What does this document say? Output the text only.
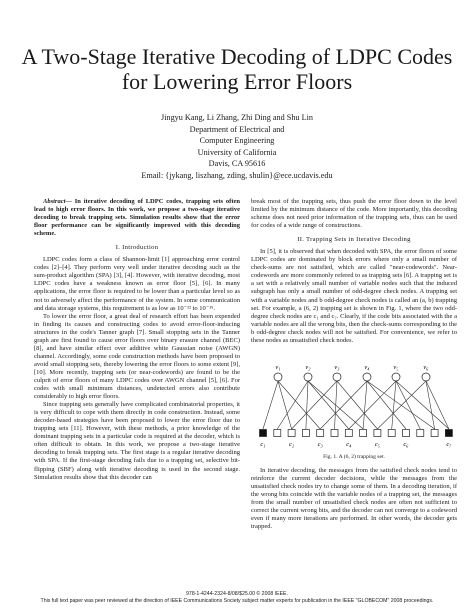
A Two-Stage Iterative Decoding of LDPC Codes
for Lowering Error Floors
Jingyu Kang, Li Zhang, Zhi Ding and Shu Lin
Department of Electrical and
Computer Engineering
University of California
Davis, CA 95616
Email: {jykang, liszhang, zding, shulin}@ece.ucdavis.edu

Abstract— In iterative decoding of LDPC codes, trapping sets often lead to high error floors. In this work, we propose a two-stage iterative decoding to break trapping sets. Simulation results show that the error floor performance can be significantly improved with this decoding scheme.

I. Introduction

LDPC codes form a class of Shannon-limit [1] approaching error control codes [2]–[4]. They perform very well under iterative decoding such as the sum-product algorithm (SPA) [3], [4]. However, with iterative decoding, most LDPC codes have a weakness known as error floor [5], [6]. In many applications, the error floor is required to be lower than a particular level so as not to adversely affect the performance of the system. In some communication and data storage systems, this requirement is as low as 10⁻¹² to 10⁻¹⁵.

To lower the error floor, a great deal of research effort has been expended in finding its causes and constructing codes to avoid error-floor-inducing structures in the code's Tanner graph [7]. Small stopping sets in the Tanner graph are first found to cause error floors over binary erasure channel (BEC) [8], and have similar effect over additive white Gaussian noise (AWGN) channel. Accordingly, some code construction methods have been proposed to avoid small stopping sets, thereby lowering the error floors to some extent [9], [10]. More recently, trapping sets (or near-codewords) are found to be the culprit of error floors of many LDPC codes over AWGN channel [5], [6]. For codes with small minimum distances, undetected errors also contribute considerably to high error floors.

Since trapping sets generally have complicated combinatorial properties, it is very difficult to cope with them directly in code construction. Instead, some decoder-based strategies have been proposed to lower the error floor due to trapping sets [11]. However, with these methods, a prior knowledge of the dominant trapping sets in a particular code is required at the decoder, which is often difficult to obtain. In this work, we propose a two-stage iterative decoding to break trapping sets. The first stage is a regular iterative decoding with SPA. If the first-stage decoding fails due to a trapping set, selective bit-flipping (SBF) along with iterative decoding is used in the second stage. Simulation results show that this decoder can

break most of the trapping sets, thus push the error floor down to the level limited by the minimum distance of the code. More importantly, this decoding scheme does not need prior information of the trapping sets, thus can be used for codes of a wide range of constructions.

II. Trapping Sets in Iterative Decoding

In [5], it is observed that when decoded with SPA, the error floors of some LDPC codes are dominated by block errors where only a small number of check-sums are not satisfied, which are called "near-codewords". Near-codewords are more commonly refered to as trapping sets [6]. A trapping set is a set with a relatively small number of variable nodes such that the induced subgraph has only a small number of odd-degree check nodes. A trapping set with a variable nodes and b odd-degree check nodes is called an (a, b) trapping set. For example, a (6, 2) trapping set is shown in Fig. 1, where the two odd-degree check nodes are c₁ and c₇. Clearly, if the code bits associated with the a variable nodes are all the wrong bits, then the check-sums corresponding to the b odd-degree check nodes will not be satisfied. For convenience, we refer to these nodes as unsatisfied check nodes.

v₁	v₂	v₃	v₄	v₅	v₆
c₁	c₂	c₃	c₄	c₅	c₆	c₇
Fig. 1. A (6, 2) trapping set.

In iterative decoding, the messages from the satisfied check nodes tend to reinforce the current decoder decisions, while the messages from the unsatisfied check nodes try to change some of them. In a decoding iteration, if the wrong bits coincide with the variable nodes of a trapping set, the messages from the small number of unsatisfied check nodes are often not sufficient to correct the current wrong bits, and the decoder can not converge to a codeword even if many more iterations are performed. In other words, the decoder gets trapped.

978-1-4244-2324-8/08/$25.00 © 2008 IEEE.
This full text paper was peer reviewed at the direction of IEEE Communications Society subject matter experts for publication in the IEEE "GLOBECOM" 2008 proceedings.
